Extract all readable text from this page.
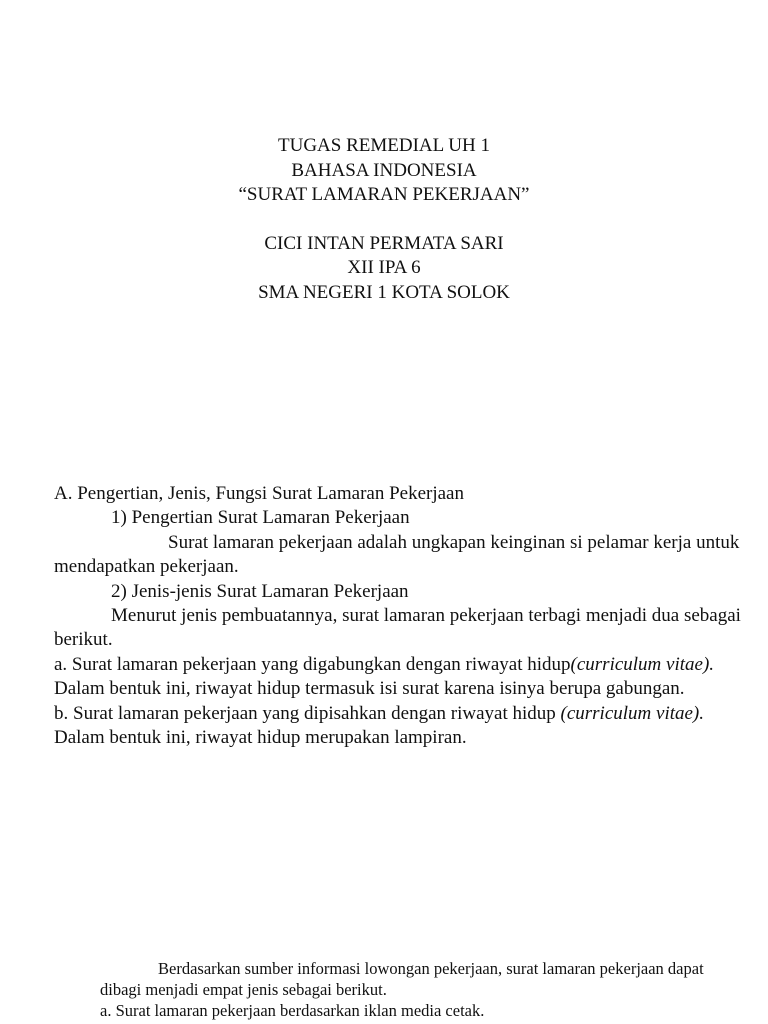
TUGAS REMEDIAL UH 1
BAHASA INDONESIA
“SURAT LAMARAN PEKERJAAN”
CICI INTAN PERMATA SARI
XII IPA 6
SMA NEGERI 1 KOTA SOLOK

A. Pengertian, Jenis, Fungsi Surat Lamaran Pekerjaan

1) Pengertian Surat Lamaran Pekerjaan

Surat lamaran pekerjaan adalah ungkapan keinginan si pelamar kerja untuk mendapatkan pekerjaan.

2) Jenis-jenis Surat Lamaran Pekerjaan

Menurut jenis pembuatannya, surat lamaran pekerjaan terbagi menjadi dua sebagai berikut.

a. Surat lamaran pekerjaan yang digabungkan dengan riwayat hidup(curriculum vitae). Dalam bentuk ini, riwayat hidup termasuk isi surat karena isinya berupa gabungan.

b. Surat lamaran pekerjaan yang dipisahkan dengan riwayat hidup (curriculum vitae). Dalam bentuk ini, riwayat hidup merupakan lampiran.

Berdasarkan sumber informasi lowongan pekerjaan, surat lamaran pekerjaan dapat dibagi menjadi empat jenis sebagai berikut.

a. Surat lamaran pekerjaan berdasarkan iklan media cetak.
